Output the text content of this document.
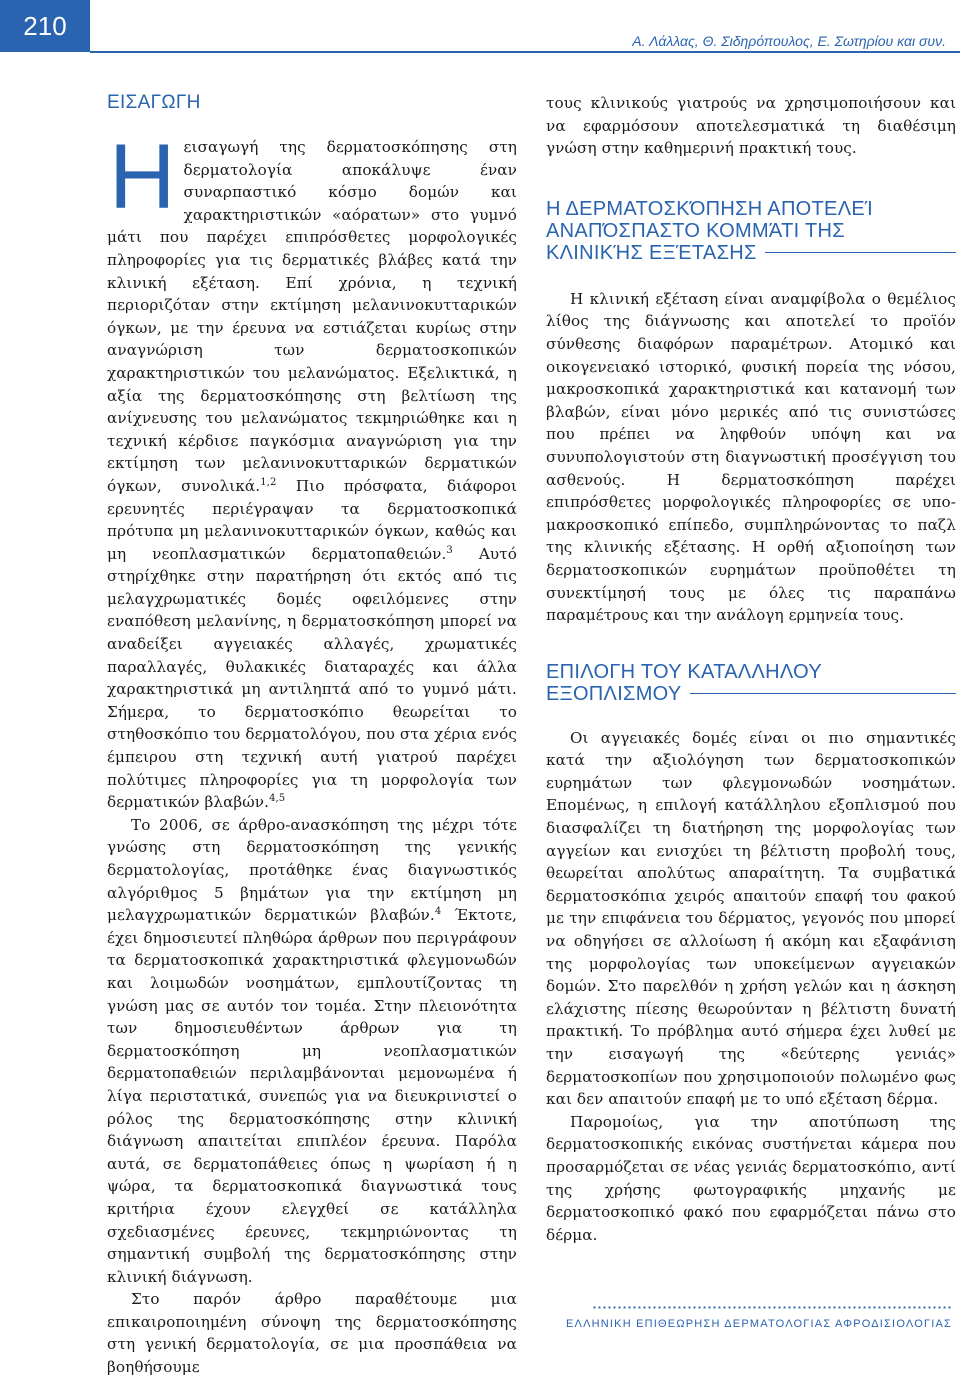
210
Α. Λάλλας, Θ. Σιδηρόπουλος, Ε. Σωτηρίου και συν.
ΕΙΣΑΓΩΓΗ

Ηεισαγωγή της δερματοσκόπησης στη δερματολογία αποκάλυψε έναν συναρπαστικό κόσμο δομών και χαρακτηριστικών «αόρατων» στο γυμνό μάτι που παρέχει επιπρόσθετες μορφολογικές πληροφορίες για τις δερματικές βλάβες κατά την κλινική εξέταση. Επί χρόνια, η τεχνική περιοριζόταν στην εκτίμηση μελανινοκυτταρικών όγκων, με την έρευνα να εστιάζεται κυρίως στην αναγνώριση των δερματοσκοπικών χαρακτηριστικών του μελανώματος. Εξελικτικά, η αξία της δερματοσκόπησης στη βελτίωση της ανίχνευσης του μελανώματος τεκμηριώθηκε και η τεχνική κέρδισε παγκόσμια αναγνώριση για την εκτίμηση των μελανινοκυτταρικών δερματικών όγκων, συνολικά.$^{1,2}$ Πιο πρόσφατα, διάφοροι ερευνητές περιέγραψαν τα δερματοσκοπικά πρότυπα μη μελανινοκυτταρικών όγκων, καθώς και μη νεοπλασματικών δερματοπαθειών.$^3$ Αυτό στηρίχθηκε στην παρατήρηση ότι εκτός από τις μελαγχρωματικές δομές οφειλόμενες στην εναπόθεση μελανίνης, η δερματοσκόπηση μπορεί να αναδείξει αγγειακές αλλαγές, χρωματικές παραλλαγές, θυλακικές διαταραχές και άλλα χαρακτηριστικά μη αντιληπτά από το γυμνό μάτι. Σήμερα, το δερματοσκόπιο θεωρείται το στηθοσκόπιο του δερματολόγου, που στα χέρια ενός έμπειρου στη τεχνική αυτή γιατρού παρέχει πολύτιμες πληροφορίες για τη μορφολογία των δερματικών βλαβών.$^{4,5}$

Το 2006, σε άρθρο-ανασκόπηση της μέχρι τότε γνώσης στη δερματοσκόπηση της γενικής δερματολογίας, προτάθηκε ένας διαγνωστικός αλγόριθμος 5 βημάτων για την εκτίμηση μη μελαγχρωματικών δερματικών βλαβών.$^4$ Έκτοτε, έχει δημοσιευτεί πληθώρα άρθρων που περιγράφουν τα δερματοσκοπικά χαρακτηριστικά φλεγμονωδών και λοιμωδών νοσημάτων, εμπλουτίζοντας τη γνώση μας σε αυτόν τον τομέα. Στην πλειονότητα των δημοσιευθέντων άρθρων για τη δερματοσκόπηση μη νεοπλασματικών δερματοπαθειών περιλαμβάνονται μεμονωμένα ή λίγα περιστατικά, συνεπώς για να διευκρινιστεί ο ρόλος της δερματοσκόπησης στην κλινική διάγνωση απαιτείται επιπλέον έρευνα. Παρόλα αυτά, σε δερματοπάθειες όπως η ψωρίαση ή η ψώρα, τα δερματοσκοπικά διαγνωστικά τους κριτήρια έχουν ελεγχθεί σε κατάλληλα σχεδιασμένες έρευνες, τεκμηριώνοντας τη σημαντική συμβολή της δερματοσκόπησης στην κλινική διάγνωση.

Στο παρόν άρθρο παραθέτουμε μια επικαιροποιημένη σύνοψη της δερματοσκόπησης στη γενική δερματολογία, σε μια προσπάθεια να βοηθήσουμε

τους κλινικούς γιατρούς να χρησιμοποιήσουν και να εφαρμόσουν αποτελεσματικά τη διαθέσιμη γνώση στην καθημερινή πρακτική τους.

Η ΔΕΡΜΑΤΟΣΚΌΠΗΣΗ ΑΠΟΤΕΛΕΊ
ΑΝΑΠΌΣΠΑΣΤΟ ΚΟΜΜΆΤΙ ΤΗΣ
ΚΛΙΝΙΚΉΣ ΕΞΈΤΑΣΗΣ

Η κλινική εξέταση είναι αναμφίβολα ο θεμέλιος λίθος της διάγνωσης και αποτελεί το προϊόν σύνθεσης διαφόρων παραμέτρων. Ατομικό και οικογενειακό ιστορικό, φυσική πορεία της νόσου, μακροσκοπικά χαρακτηριστικά και κατανομή των βλαβών, είναι μόνο μερικές από τις συνιστώσες που πρέπει να ληφθούν υπόψη και να συνυπολογιστούν στη διαγνωστική προσέγγιση του ασθενούς. Η δερματοσκόπηση παρέχει επιπρόσθετες μορφολογικές πληροφορίες σε υπο-μακροσκοπικό επίπεδο, συμπληρώνοντας το παζλ της κλινικής εξέτασης. Η ορθή αξιοποίηση των δερματοσκοπικών ευρημάτων προϋποθέτει τη συνεκτίμησή τους με όλες τις παραπάνω παραμέτρους και την ανάλογη ερμηνεία τους.

ΕΠΙΛΟΓΗ ΤΟΥ ΚΑΤΑΛΛΗΛΟΥ
ΕΞΟΠΛΙΣΜΟΥ

Οι αγγειακές δομές είναι οι πιο σημαντικές κατά την αξιολόγηση των δερματοσκοπικών ευρημάτων των φλεγμονωδών νοσημάτων. Επομένως, η επιλογή κατάλληλου εξοπλισμού που διασφαλίζει τη διατήρηση της μορφολογίας των αγγείων και ενισχύει τη βέλτιστη προβολή τους, θεωρείται απολύτως απαραίτητη. Τα συμβατικά δερματοσκόπια χειρός απαιτούν επαφή του φακού με την επιφάνεια του δέρματος, γεγονός που μπορεί να οδηγήσει σε αλλοίωση ή ακόμη και εξαφάνιση της μορφολογίας των υποκείμενων αγγειακών δομών. Στο παρελθόν η χρήση γελών και η άσκηση ελάχιστης πίεσης θεωρούνταν η βέλτιστη δυνατή πρακτική. Το πρόβλημα αυτό σήμερα έχει λυθεί με την εισαγωγή της «δεύτερης γενιάς» δερματοσκοπίων που χρησιμοποιούν πολωμένο φως και δεν απαιτούν επαφή με το υπό εξέταση δέρμα.

Παρομοίως, για την αποτύπωση της δερματοσκοπικής εικόνας συστήνεται κάμερα που προσαρμόζεται σε νέας γενιάς δερματοσκόπιο, αντί της χρήσης φωτογραφικής μηχανής με δερματοσκοπικό φακό που εφαρμόζεται πάνω στο δέρμα.

ΕΛΛΗΝΙΚΗ ΕΠΙΘΕΩΡΗΣΗ ΔΕΡΜΑΤΟΛΟΓΙΑΣ ΑΦΡΟΔΙΣΙΟΛΟΓΙΑΣ
